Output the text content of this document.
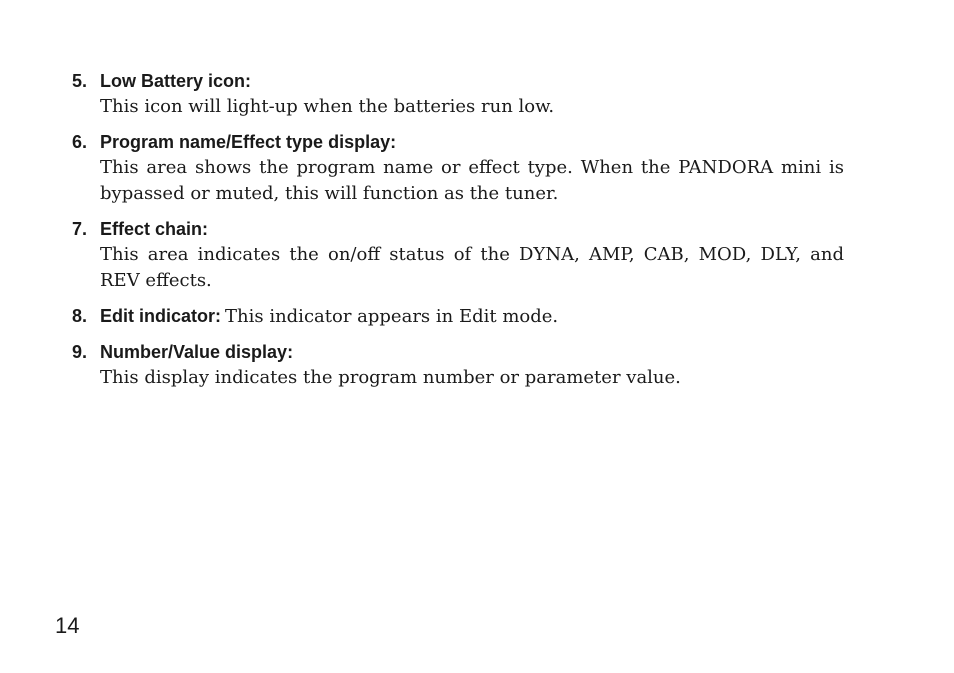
5. Low Battery icon:
This icon will light-up when the batteries run low.
6. Program name/Effect type display:
This area shows the program name or effect type. When the PANDORA mini is bypassed or muted, this will function as the tuner.
7. Effect chain:
This area indicates the on/off status of the DYNA, AMP, CAB, MOD, DLY, and REV effects.
8. Edit indicator: This indicator appears in Edit mode.
9. Number/Value display:
This display indicates the program number or parameter value.
14
